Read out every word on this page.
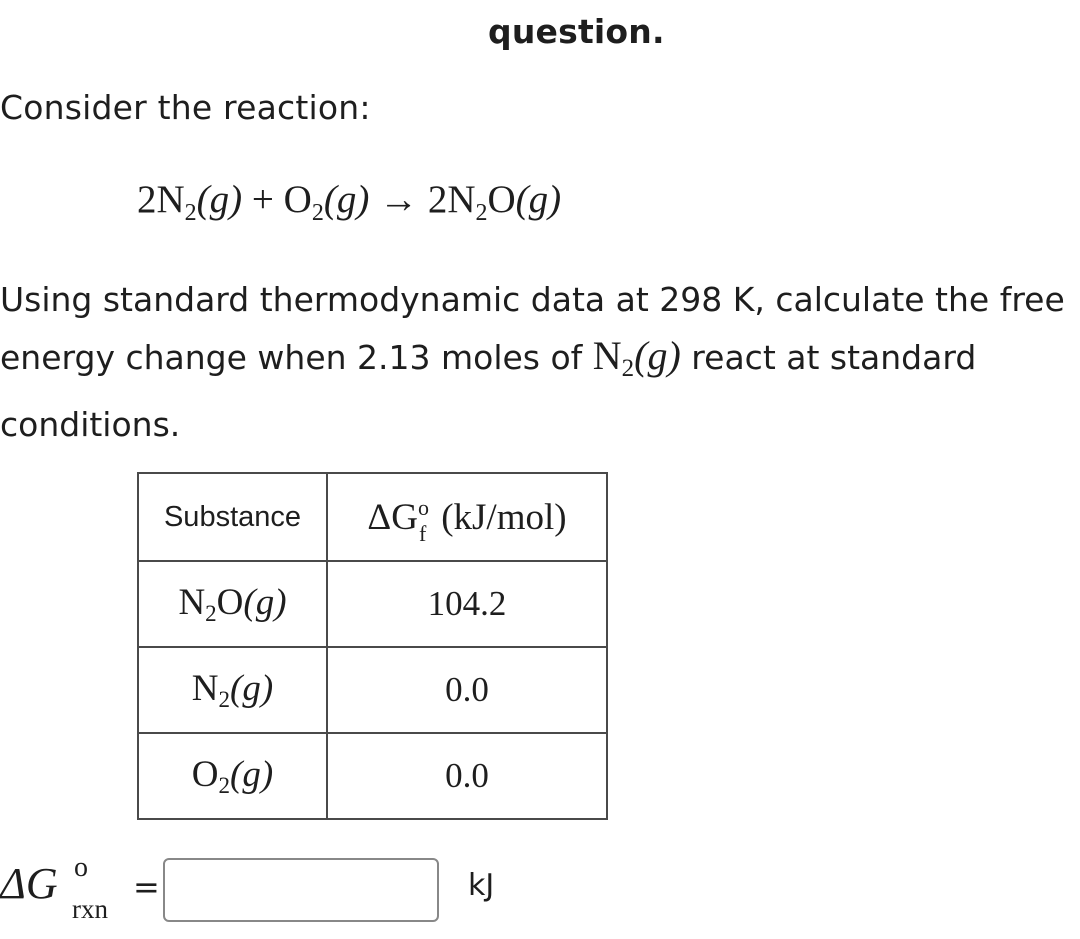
question.
Consider the reaction:
$2N_2(g) + O_2(g) \to 2N_2O(g)$
Using standard thermodynamic data at 298 K, calculate the free energy change when 2.13 moles of $N_2(g)$ react at standard conditions.
Substance	ΔG o
f (kJ/mol)
$N_2O(g)$	104.2
$N_2(g)$	0.0
$O_2(g)$	0.0
ΔG o
rxn
=	kJ
